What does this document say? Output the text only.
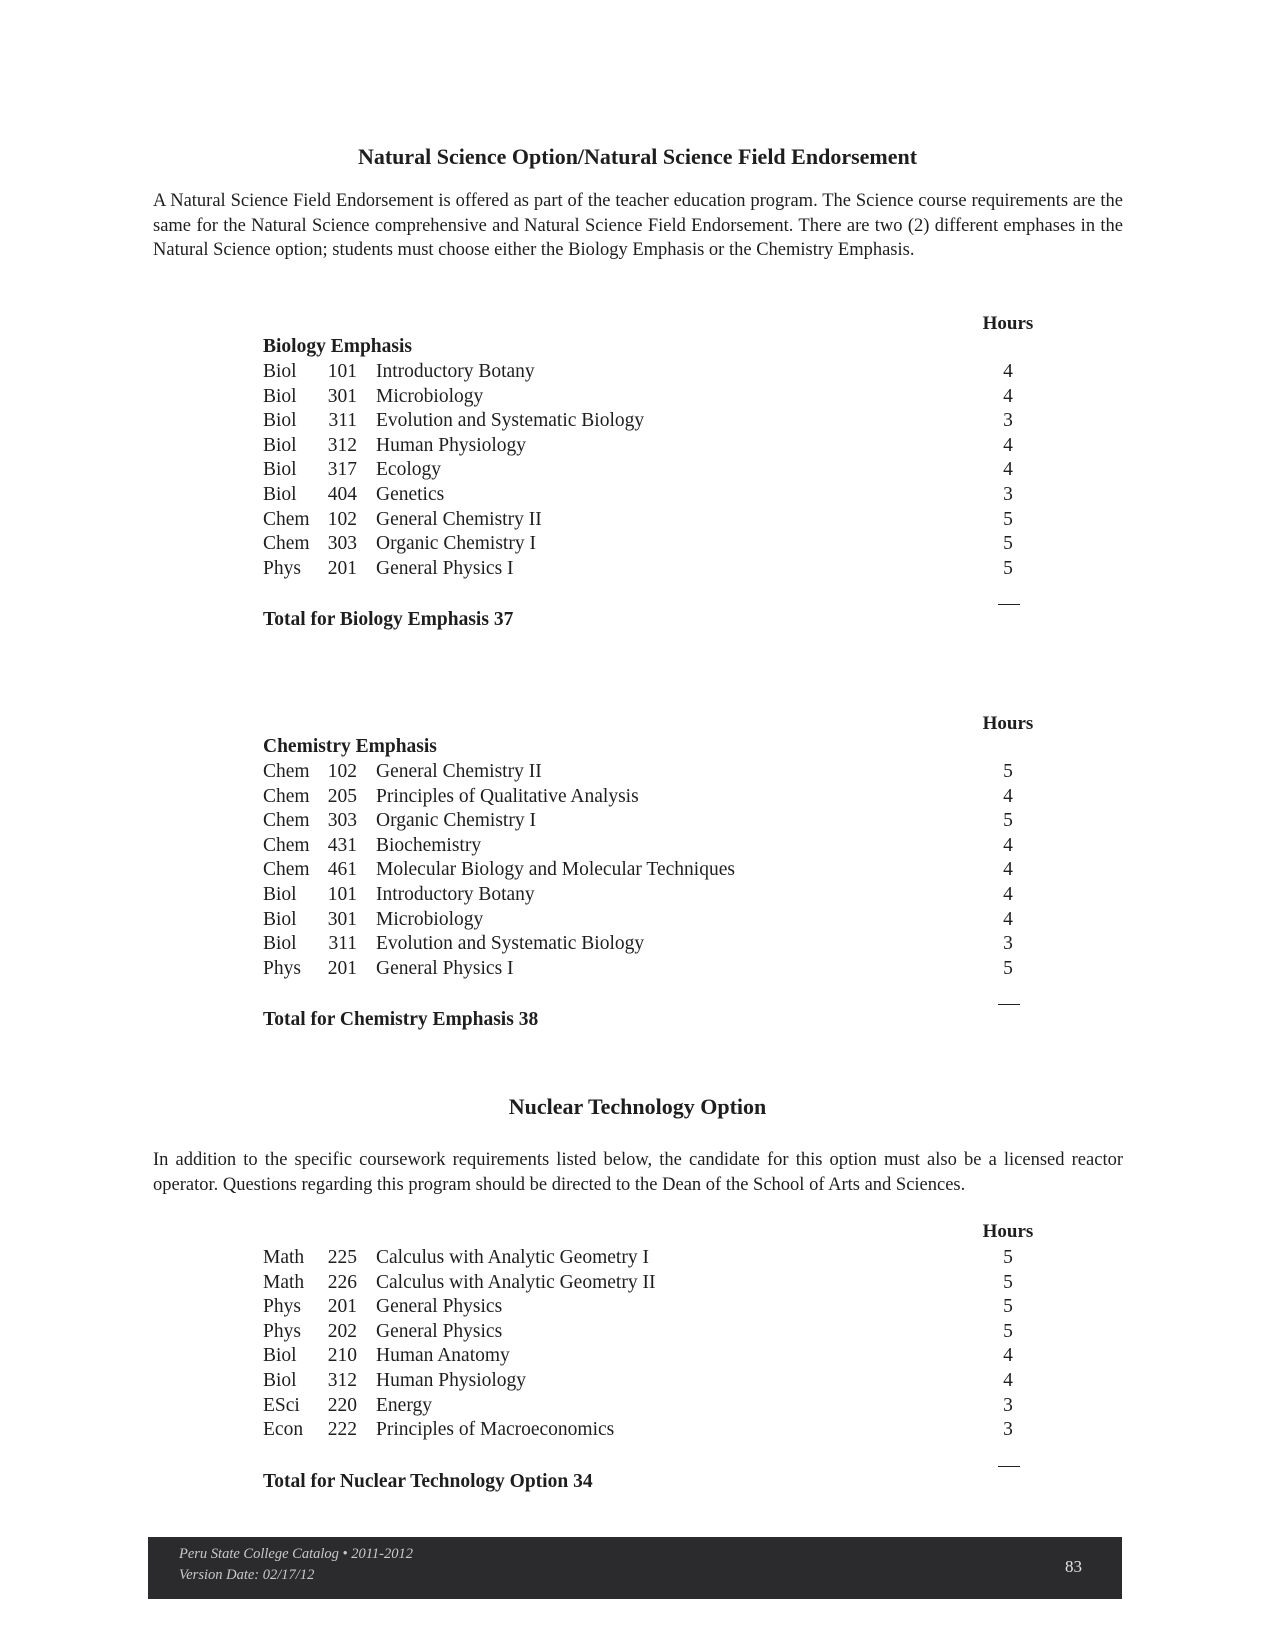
Natural Science Option/Natural Science Field Endorsement

A Natural Science Field Endorsement is offered as part of the teacher education program. The Science course requirements are the same for the Natural Science comprehensive and Natural Science Field Endorsement. There are two (2) different emphases in the Natural Science option; students must choose either the Biology Emphasis or the Chemistry Emphasis.

Hours
Biology Emphasis
Total for Biology Emphasis 37
Biol	101 Introductory Botany	4
Biol	301 Microbiology	4
Biol	311 Evolution and Systematic Biology	3
Biol	312 Human Physiology	4
Biol	317 Ecology	4
Biol	404 Genetics	3
Chem 102 General Chemistry II	5
Chem 303 Organic Chemistry I	5
Phys	201 General Physics I	5
Hours
Chemistry Emphasis
Total for Chemistry Emphasis 38
Chem 102 General Chemistry II	5
Chem 205 Principles of Qualitative Analysis	4
Chem 303 Organic Chemistry I	5
Chem 431 Biochemistry	4
Chem 461 Molecular Biology and Molecular Techniques	4
Biol	101 Introductory Botany	4
Biol	301 Microbiology	4
Biol	311 Evolution and Systematic Biology	3
Phys	201 General Physics I	5
Nuclear Technology Option

In addition to the specific coursework requirements listed below, the candidate for this option must also be a licensed reactor operator. Questions regarding this program should be directed to the Dean of the School of Arts and Sciences.

Hours
Total for Nuclear Technology Option 34
Math	225 Calculus with Analytic Geometry I	5
Math	226 Calculus with Analytic Geometry II	5
Phys	201 General Physics	5
Phys	202 General Physics	5
Biol	210 Human Anatomy	4
Biol	312 Human Physiology	4
ESci	220 Energy	3
Econ	222 Principles of Macroeconomics	3
Peru State College Catalog • 2011-2012
Version Date: 02/17/12	83
